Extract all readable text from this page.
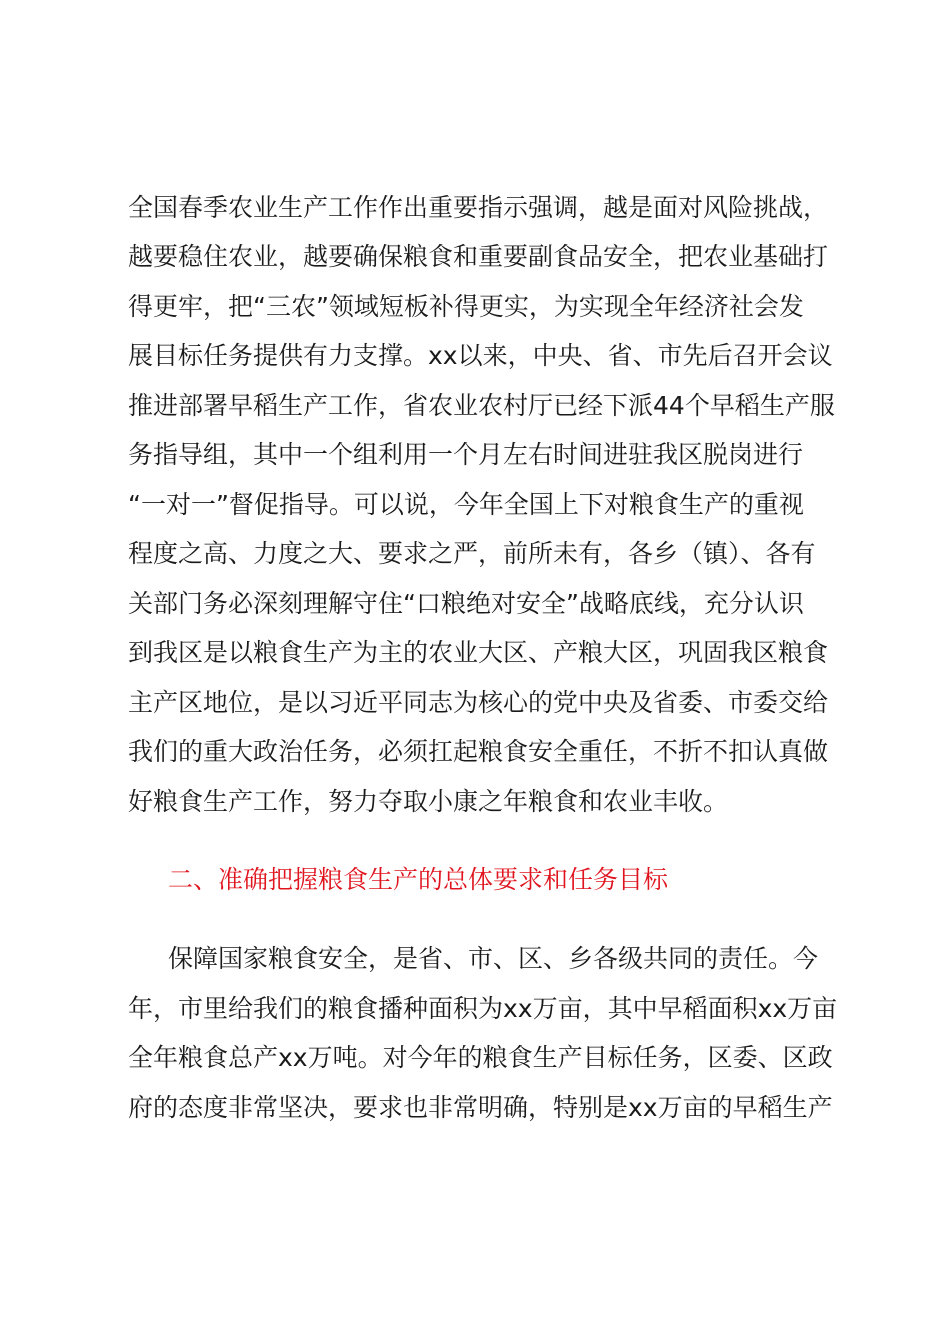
全国春季农业生产工作作出重要指示强调，越是面对风险挑战，
越要稳住农业，越要确保粮食和重要副食品安全，把农业基础打
得更牢，把“三农”领域短板补得更实，为实现全年经济社会发
展目标任务提供有力支撑。xx以来，中央、省、市先后召开会议
推进部署早稻生产工作，省农业农村厅已经下派44个早稻生产服
务指导组，其中一个组利用一个月左右时间进驻我区脱岗进行
“一对一”督促指导。可以说，今年全国上下对粮食生产的重视
程度之高、力度之大、要求之严，前所未有，各乡（镇）、各有
关部门务必深刻理解守住“口粮绝对安全”战略底线，充分认识
到我区是以粮食生产为主的农业大区、产粮大区，巩固我区粮食
主产区地位，是以习近平同志为核心的党中央及省委、市委交给
我们的重大政治任务，必须扛起粮食安全重任，不折不扣认真做
好粮食生产工作，努力夺取小康之年粮食和农业丰收。
二、准确把握粮食生产的总体要求和任务目标
保障国家粮食安全，是省、市、区、乡各级共同的责任。今
年，市里给我们的粮食播种面积为xx万亩，其中早稻面积xx万亩
全年粮食总产xx万吨。对今年的粮食生产目标任务，区委、区政
府的态度非常坚决，要求也非常明确，特别是xx万亩的早稻生产
